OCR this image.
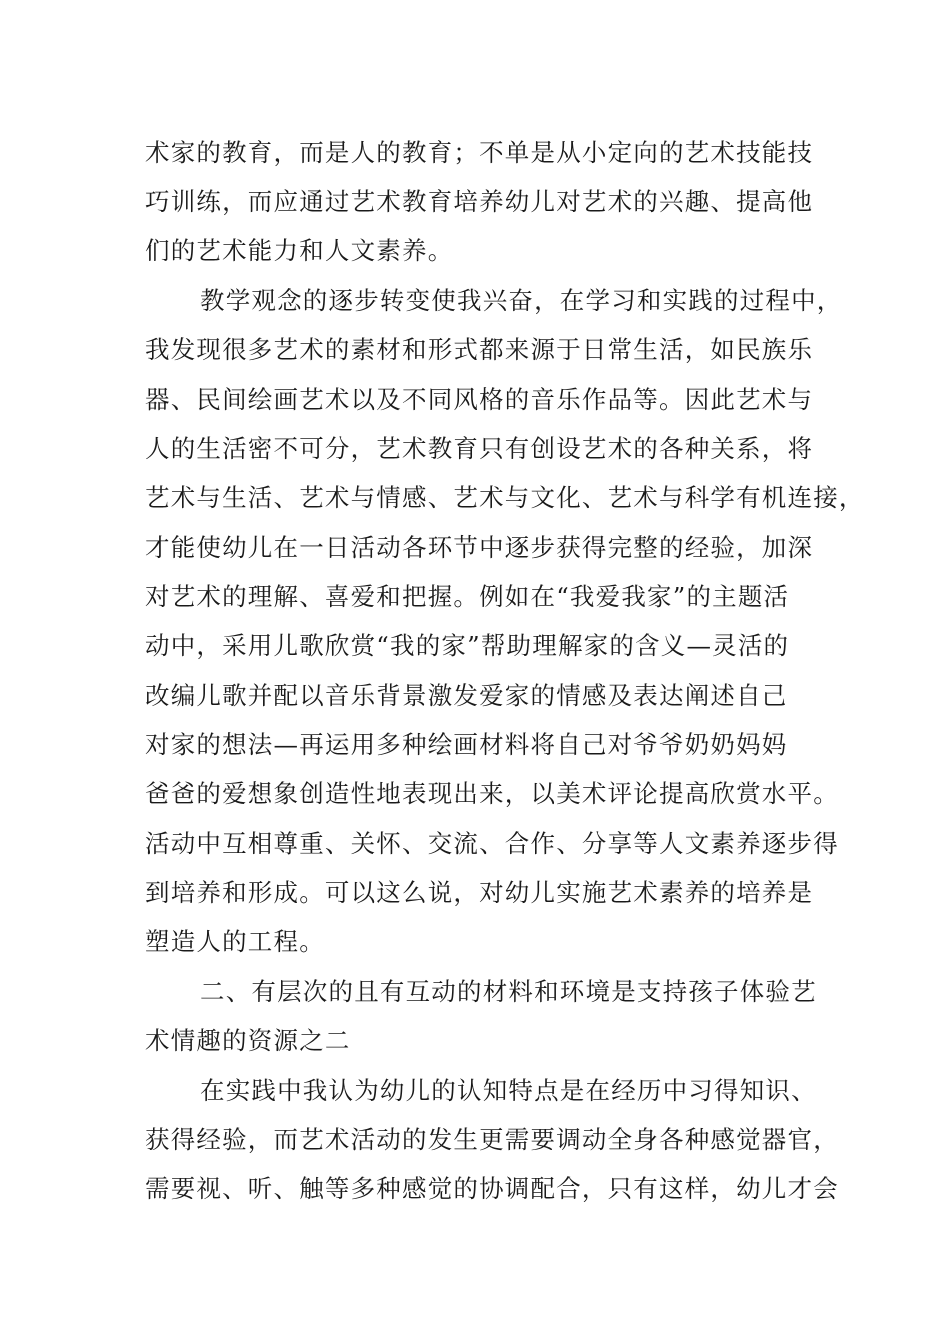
术家的教育，而是人的教育；不单是从小定向的艺术技能技
巧训练，而应通过艺术教育培养幼儿对艺术的兴趣、提高他
们的艺术能力和人文素养。
教学观念的逐步转变使我兴奋，在学习和实践的过程中，
我发现很多艺术的素材和形式都来源于日常生活，如民族乐
器、民间绘画艺术以及不同风格的音乐作品等。因此艺术与
人的生活密不可分，艺术教育只有创设艺术的各种关系，将
艺术与生活、艺术与情感、艺术与文化、艺术与科学有机连接，
才能使幼儿在一日活动各环节中逐步获得完整的经验，加深
对艺术的理解、喜爱和把握。例如在“我爱我家”的主题活
动中，采用儿歌欣赏“我的家”帮助理解家的含义—灵活的
改编儿歌并配以音乐背景激发爱家的情感及表达阐述自己
对家的想法—再运用多种绘画材料将自己对爷爷奶奶妈妈
爸爸的爱想象创造性地表现出来，以美术评论提高欣赏水平。
活动中互相尊重、关怀、交流、合作、分享等人文素养逐步得
到培养和形成。可以这么说，对幼儿实施艺术素养的培养是
塑造人的工程。
二、有层次的且有互动的材料和环境是支持孩子体验艺
术情趣的资源之二
在实践中我认为幼儿的认知特点是在经历中习得知识、
获得经验，而艺术活动的发生更需要调动全身各种感觉器官，
需要视、听、触等多种感觉的协调配合，只有这样，幼儿才会
